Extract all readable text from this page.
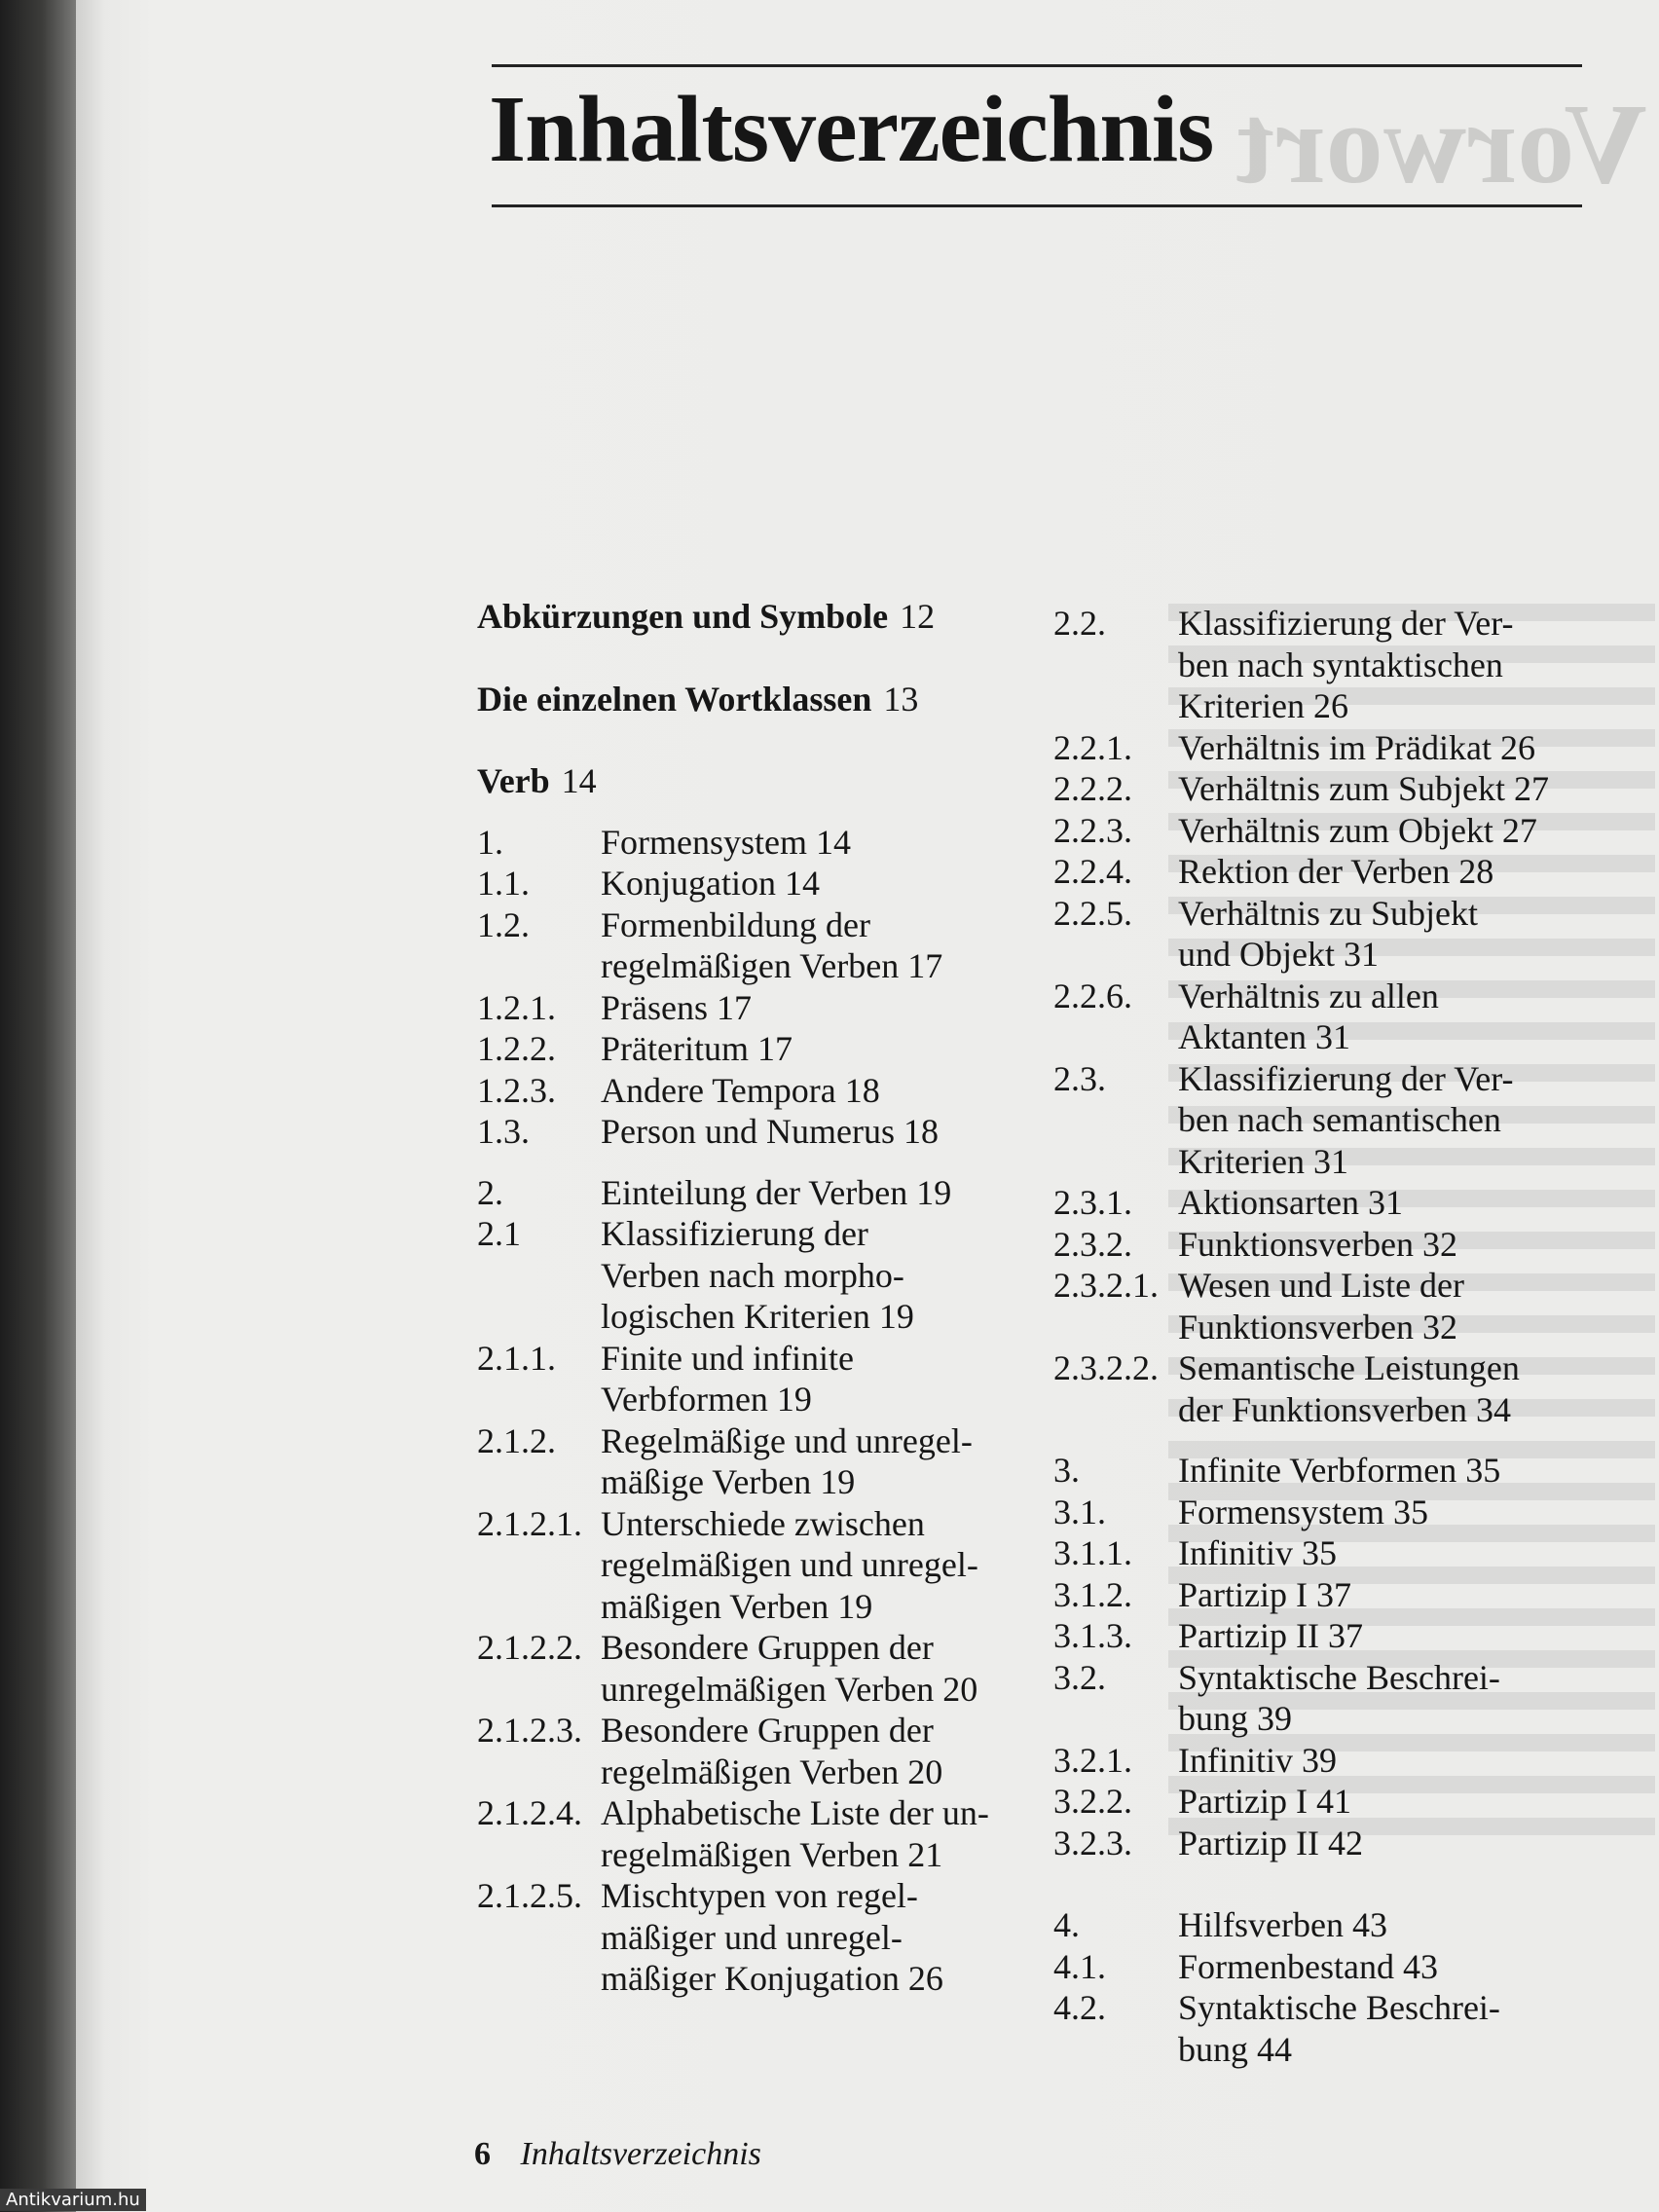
Inhaltsverzeichnis
Abkürzungen und Symbole 12
Die einzelnen Wortklassen 13
Verb 14
1.	Formensystem 14
1.1.	Konjugation 14
1.2.	Formenbildung der
regelmäßigen Verben 17
1.2.1.	Präsens 17
1.2.2.	Präteritum 17
1.2.3.	Andere Tempora 18
1.3.	Person und Numerus 18
2.	Einteilung der Verben 19
2.1	Klassifizierung der
Verben nach morpho-
logischen Kriterien 19
2.1.1.	Finite und infinite
Verbformen 19
2.1.2.	Regelmäßige und unregel-
mäßige Verben 19
2.1.2.1. Unterschiede zwischen
regelmäßigen und unregel-
mäßigen Verben 19
2.1.2.2. Besondere Gruppen der
unregelmäßigen Verben 20
2.1.2.3. Besondere Gruppen der
regelmäßigen Verben 20
2.1.2.4. Alphabetische Liste der un-
regelmäßigen Verben 21
2.1.2.5. Mischtypen von regel-
mäßiger und unregel-
mäßiger Konjugation 26
2.2.	Klassifizierung der Ver-
ben nach syntaktischen
Kriterien 26
2.2.1.	Verhältnis im Prädikat 26
2.2.2.	Verhältnis zum Subjekt 27
2.2.3.	Verhältnis zum Objekt 27
2.2.4.	Rektion der Verben 28
2.2.5.	Verhältnis zu Subjekt
und Objekt 31
2.2.6.	Verhältnis zu allen
Aktanten 31
2.3.	Klassifizierung der Ver-
ben nach semantischen
Kriterien 31
2.3.1.	Aktionsarten 31
2.3.2.	Funktionsverben 32
2.3.2.1. Wesen und Liste der
Funktionsverben 32
2.3.2.2. Semantische Leistungen
der Funktionsverben 34
3.	Infinite Verbformen 35
3.1.	Formensystem 35
3.1.1.	Infinitiv 35
3.1.2.	Partizip I 37
3.1.3.	Partizip II 37
3.2.	Syntaktische Beschrei-
bung 39
3.2.1.	Infinitiv 39
3.2.2.	Partizip I 41
3.2.3.	Partizip II 42
4.	Hilfsverben 43
4.1.	Formenbestand 43
4.2.	Syntaktische Beschrei-
bung 44
6 Inhaltsverzeichnis
Antikvarium.hu
